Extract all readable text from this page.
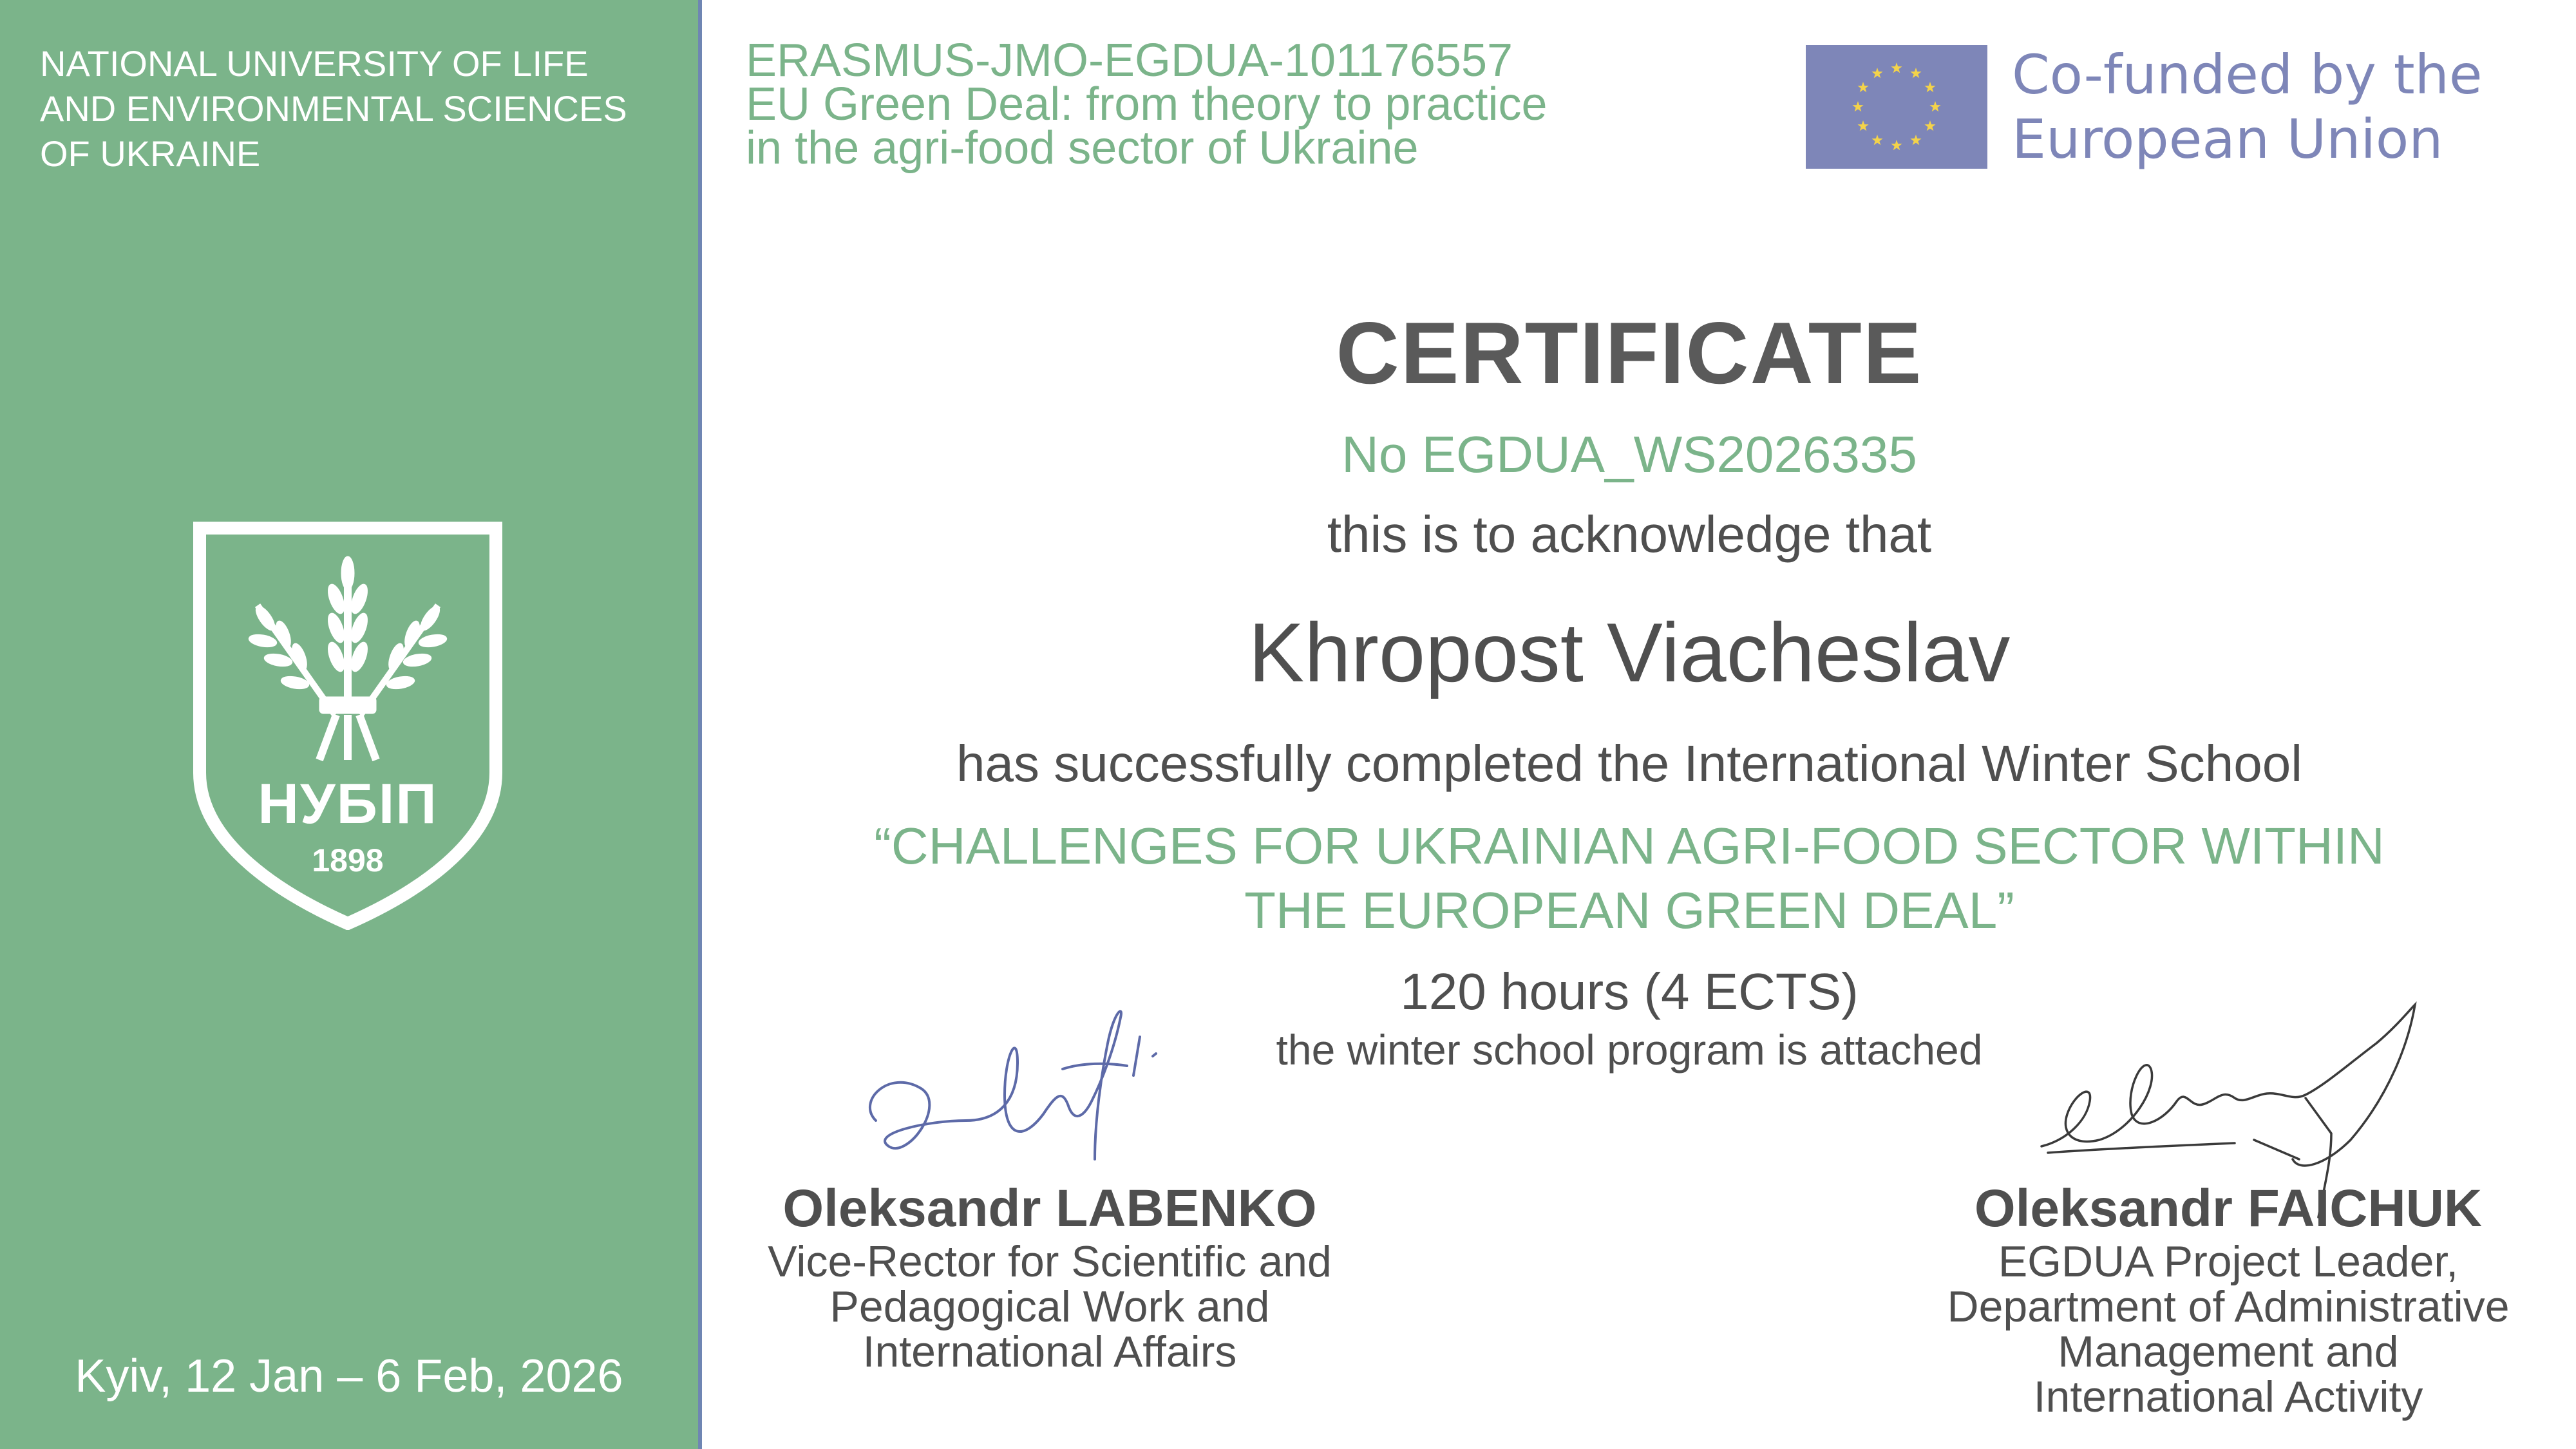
NATIONAL UNIVERSITY OF LIFE
AND ENVIRONMENTAL SCIENCES
OF UKRAINE
НУБІП
1898
Kyiv, 12 Jan – 6 Feb, 2026
ERASMUS-JMO-EGDUA-101176557
EU Green Deal: from theory to practice
in the agri-food sector of Ukraine
Co-funded by the
European Union
CERTIFICATE
No EGDUA_WS2026335
this is to acknowledge that
Khropost Viacheslav
has successfully completed the International Winter School
“CHALLENGES FOR UKRAINIAN AGRI-FOOD SECTOR WITHIN
THE EUROPEAN GREEN DEAL”
120 hours (4 ECTS)
the winter school program is attached
Oleksandr LABENKO
Vice-Rector for Scientific and
Pedagogical Work and
International Affairs
Oleksandr FAICHUK
EGDUA Project Leader,
Department of Administrative
Management and
International Activity
